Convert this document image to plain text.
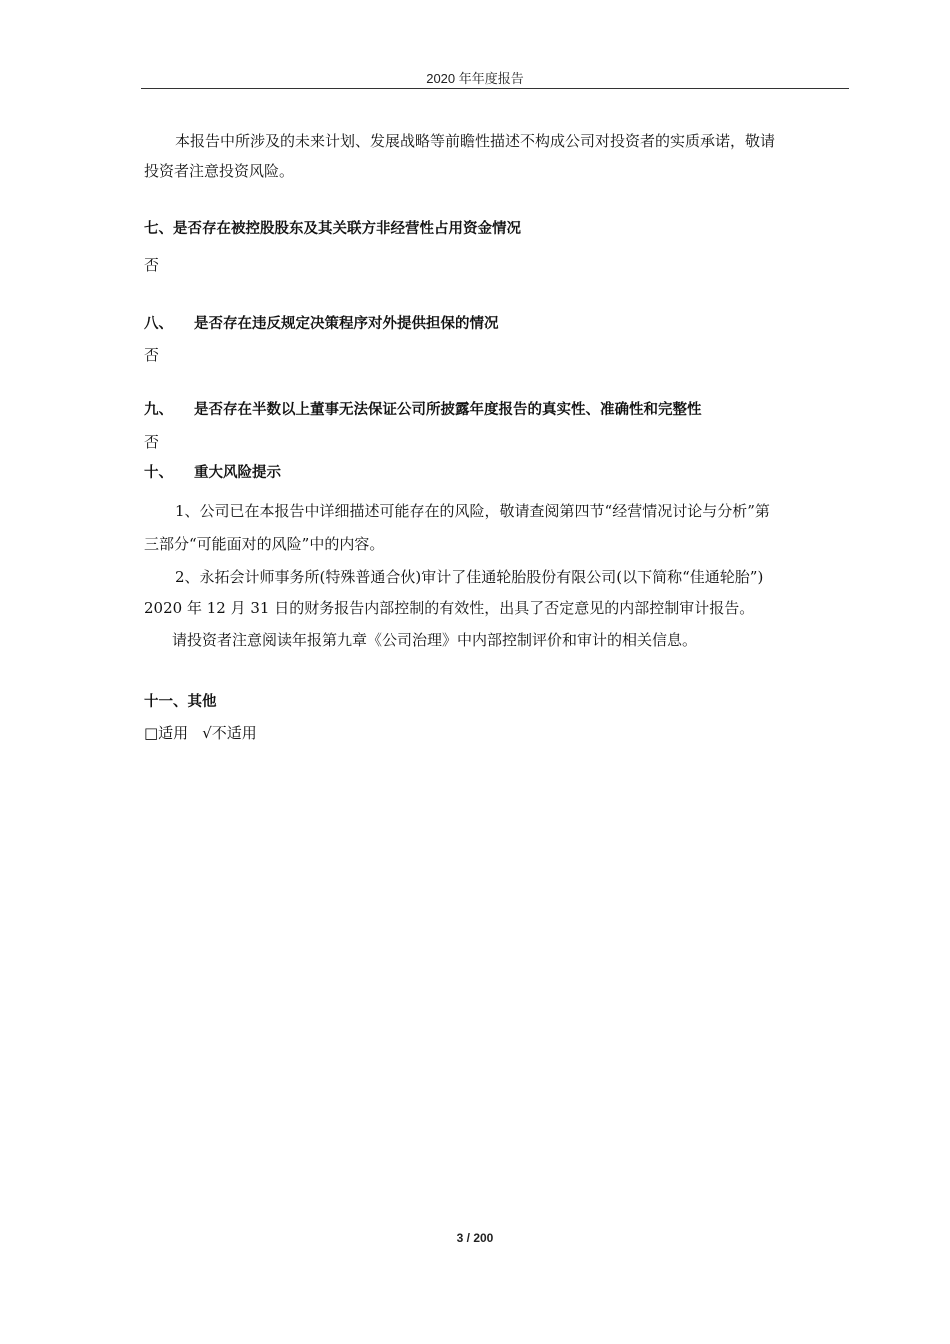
2020 年年度报告
本报告中所涉及的未来计划、发展战略等前瞻性描述不构成公司对投资者的实质承诺，敬请
投资者注意投资风险。
七、是否存在被控股股东及其关联方非经营性占用资金情况
否
八、 是否存在违反规定决策程序对外提供担保的情况
否
九、 是否存在半数以上董事无法保证公司所披露年度报告的真实性、准确性和完整性
否
十、 重大风险提示
1、公司已在本报告中详细描述可能存在的风险，敬请查阅第四节“经营情况讨论与分析”第
三部分“可能面对的风险”中的内容。
2、永拓会计师事务所(特殊普通合伙)审计了佳通轮胎股份有限公司(以下简称“佳通轮胎”)
2020 年 12 月 31 日的财务报告内部控制的有效性，出具了否定意见的内部控制审计报告。
请投资者注意阅读年报第九章《公司治理》中内部控制评价和审计的相关信息。
十一、其他
□适用 √不适用
3 / 200
